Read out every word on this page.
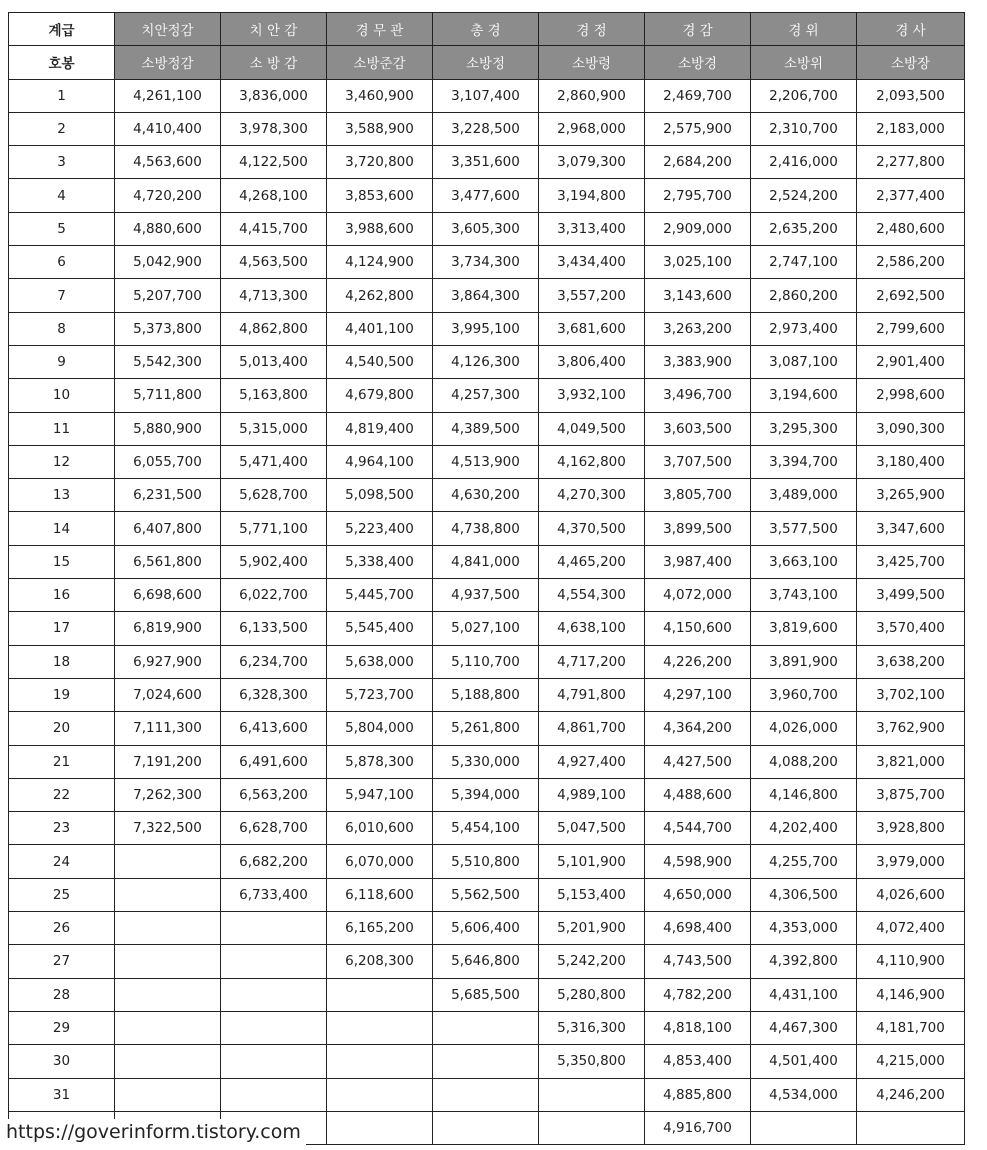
계급	치안정감	치 안 감	경 무 관	총 경	경 정	경 감	경 위	경 사
호봉	소방정감	소 방 감	소방준감	소방정	소방령	소방경	소방위	소방장
1	4,261,100	3,836,000	3,460,900	3,107,400	2,860,900	2,469,700	2,206,700	2,093,500
2	4,410,400	3,978,300	3,588,900	3,228,500	2,968,000	2,575,900	2,310,700	2,183,000
3	4,563,600	4,122,500	3,720,800	3,351,600	3,079,300	2,684,200	2,416,000	2,277,800
4	4,720,200	4,268,100	3,853,600	3,477,600	3,194,800	2,795,700	2,524,200	2,377,400
5	4,880,600	4,415,700	3,988,600	3,605,300	3,313,400	2,909,000	2,635,200	2,480,600
6	5,042,900	4,563,500	4,124,900	3,734,300	3,434,400	3,025,100	2,747,100	2,586,200
7	5,207,700	4,713,300	4,262,800	3,864,300	3,557,200	3,143,600	2,860,200	2,692,500
8	5,373,800	4,862,800	4,401,100	3,995,100	3,681,600	3,263,200	2,973,400	2,799,600
9	5,542,300	5,013,400	4,540,500	4,126,300	3,806,400	3,383,900	3,087,100	2,901,400
10	5,711,800	5,163,800	4,679,800	4,257,300	3,932,100	3,496,700	3,194,600	2,998,600
11	5,880,900	5,315,000	4,819,400	4,389,500	4,049,500	3,603,500	3,295,300	3,090,300
12	6,055,700	5,471,400	4,964,100	4,513,900	4,162,800	3,707,500	3,394,700	3,180,400
13	6,231,500	5,628,700	5,098,500	4,630,200	4,270,300	3,805,700	3,489,000	3,265,900
14	6,407,800	5,771,100	5,223,400	4,738,800	4,370,500	3,899,500	3,577,500	3,347,600
15	6,561,800	5,902,400	5,338,400	4,841,000	4,465,200	3,987,400	3,663,100	3,425,700
16	6,698,600	6,022,700	5,445,700	4,937,500	4,554,300	4,072,000	3,743,100	3,499,500
17	6,819,900	6,133,500	5,545,400	5,027,100	4,638,100	4,150,600	3,819,600	3,570,400
18	6,927,900	6,234,700	5,638,000	5,110,700	4,717,200	4,226,200	3,891,900	3,638,200
19	7,024,600	6,328,300	5,723,700	5,188,800	4,791,800	4,297,100	3,960,700	3,702,100
20	7,111,300	6,413,600	5,804,000	5,261,800	4,861,700	4,364,200	4,026,000	3,762,900
21	7,191,200	6,491,600	5,878,300	5,330,000	4,927,400	4,427,500	4,088,200	3,821,000
22	7,262,300	6,563,200	5,947,100	5,394,000	4,989,100	4,488,600	4,146,800	3,875,700
23	7,322,500	6,628,700	6,010,600	5,454,100	5,047,500	4,544,700	4,202,400	3,928,800
24		6,682,200	6,070,000	5,510,800	5,101,900	4,598,900	4,255,700	3,979,000
25		6,733,400	6,118,600	5,562,500	5,153,400	4,650,000	4,306,500	4,026,600
26			6,165,200	5,606,400	5,201,900	4,698,400	4,353,000	4,072,400
27			6,208,300	5,646,800	5,242,200	4,743,500	4,392,800	4,110,900
28				5,685,500	5,280,800	4,782,200	4,431,100	4,146,900
29					5,316,300	4,818,100	4,467,300	4,181,700
30					5,350,800	4,853,400	4,501,400	4,215,000
31						4,885,800	4,534,000	4,246,200
						4,916,700		
https://goverinform.tistory.com
